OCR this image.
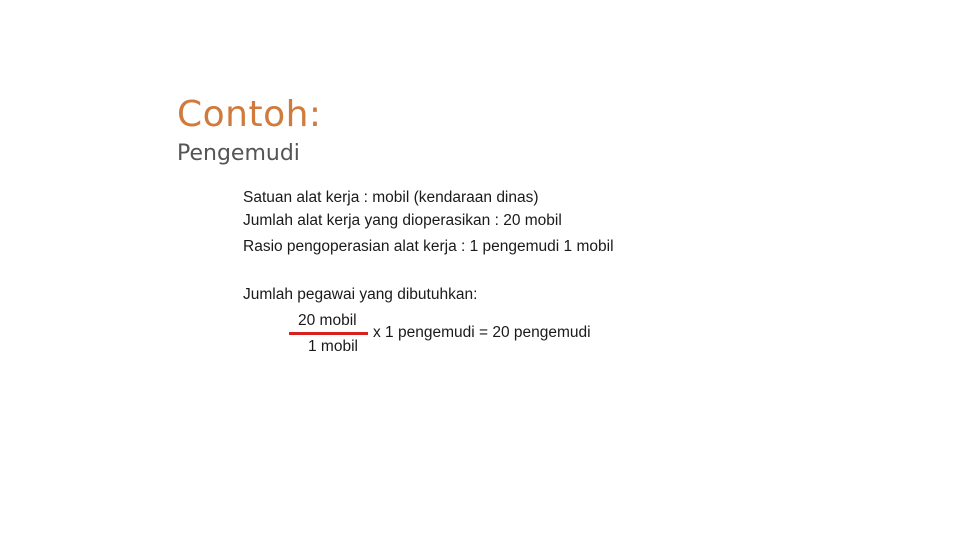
Contoh:
Pengemudi
Satuan alat kerja : mobil (kendaraan dinas)
Jumlah alat kerja yang dioperasikan : 20 mobil
Rasio pengoperasian alat kerja : 1 pengemudi 1 mobil
Jumlah pegawai yang dibutuhkan:
20 mobil
1 mobil
x 1 pengemudi = 20 pengemudi
